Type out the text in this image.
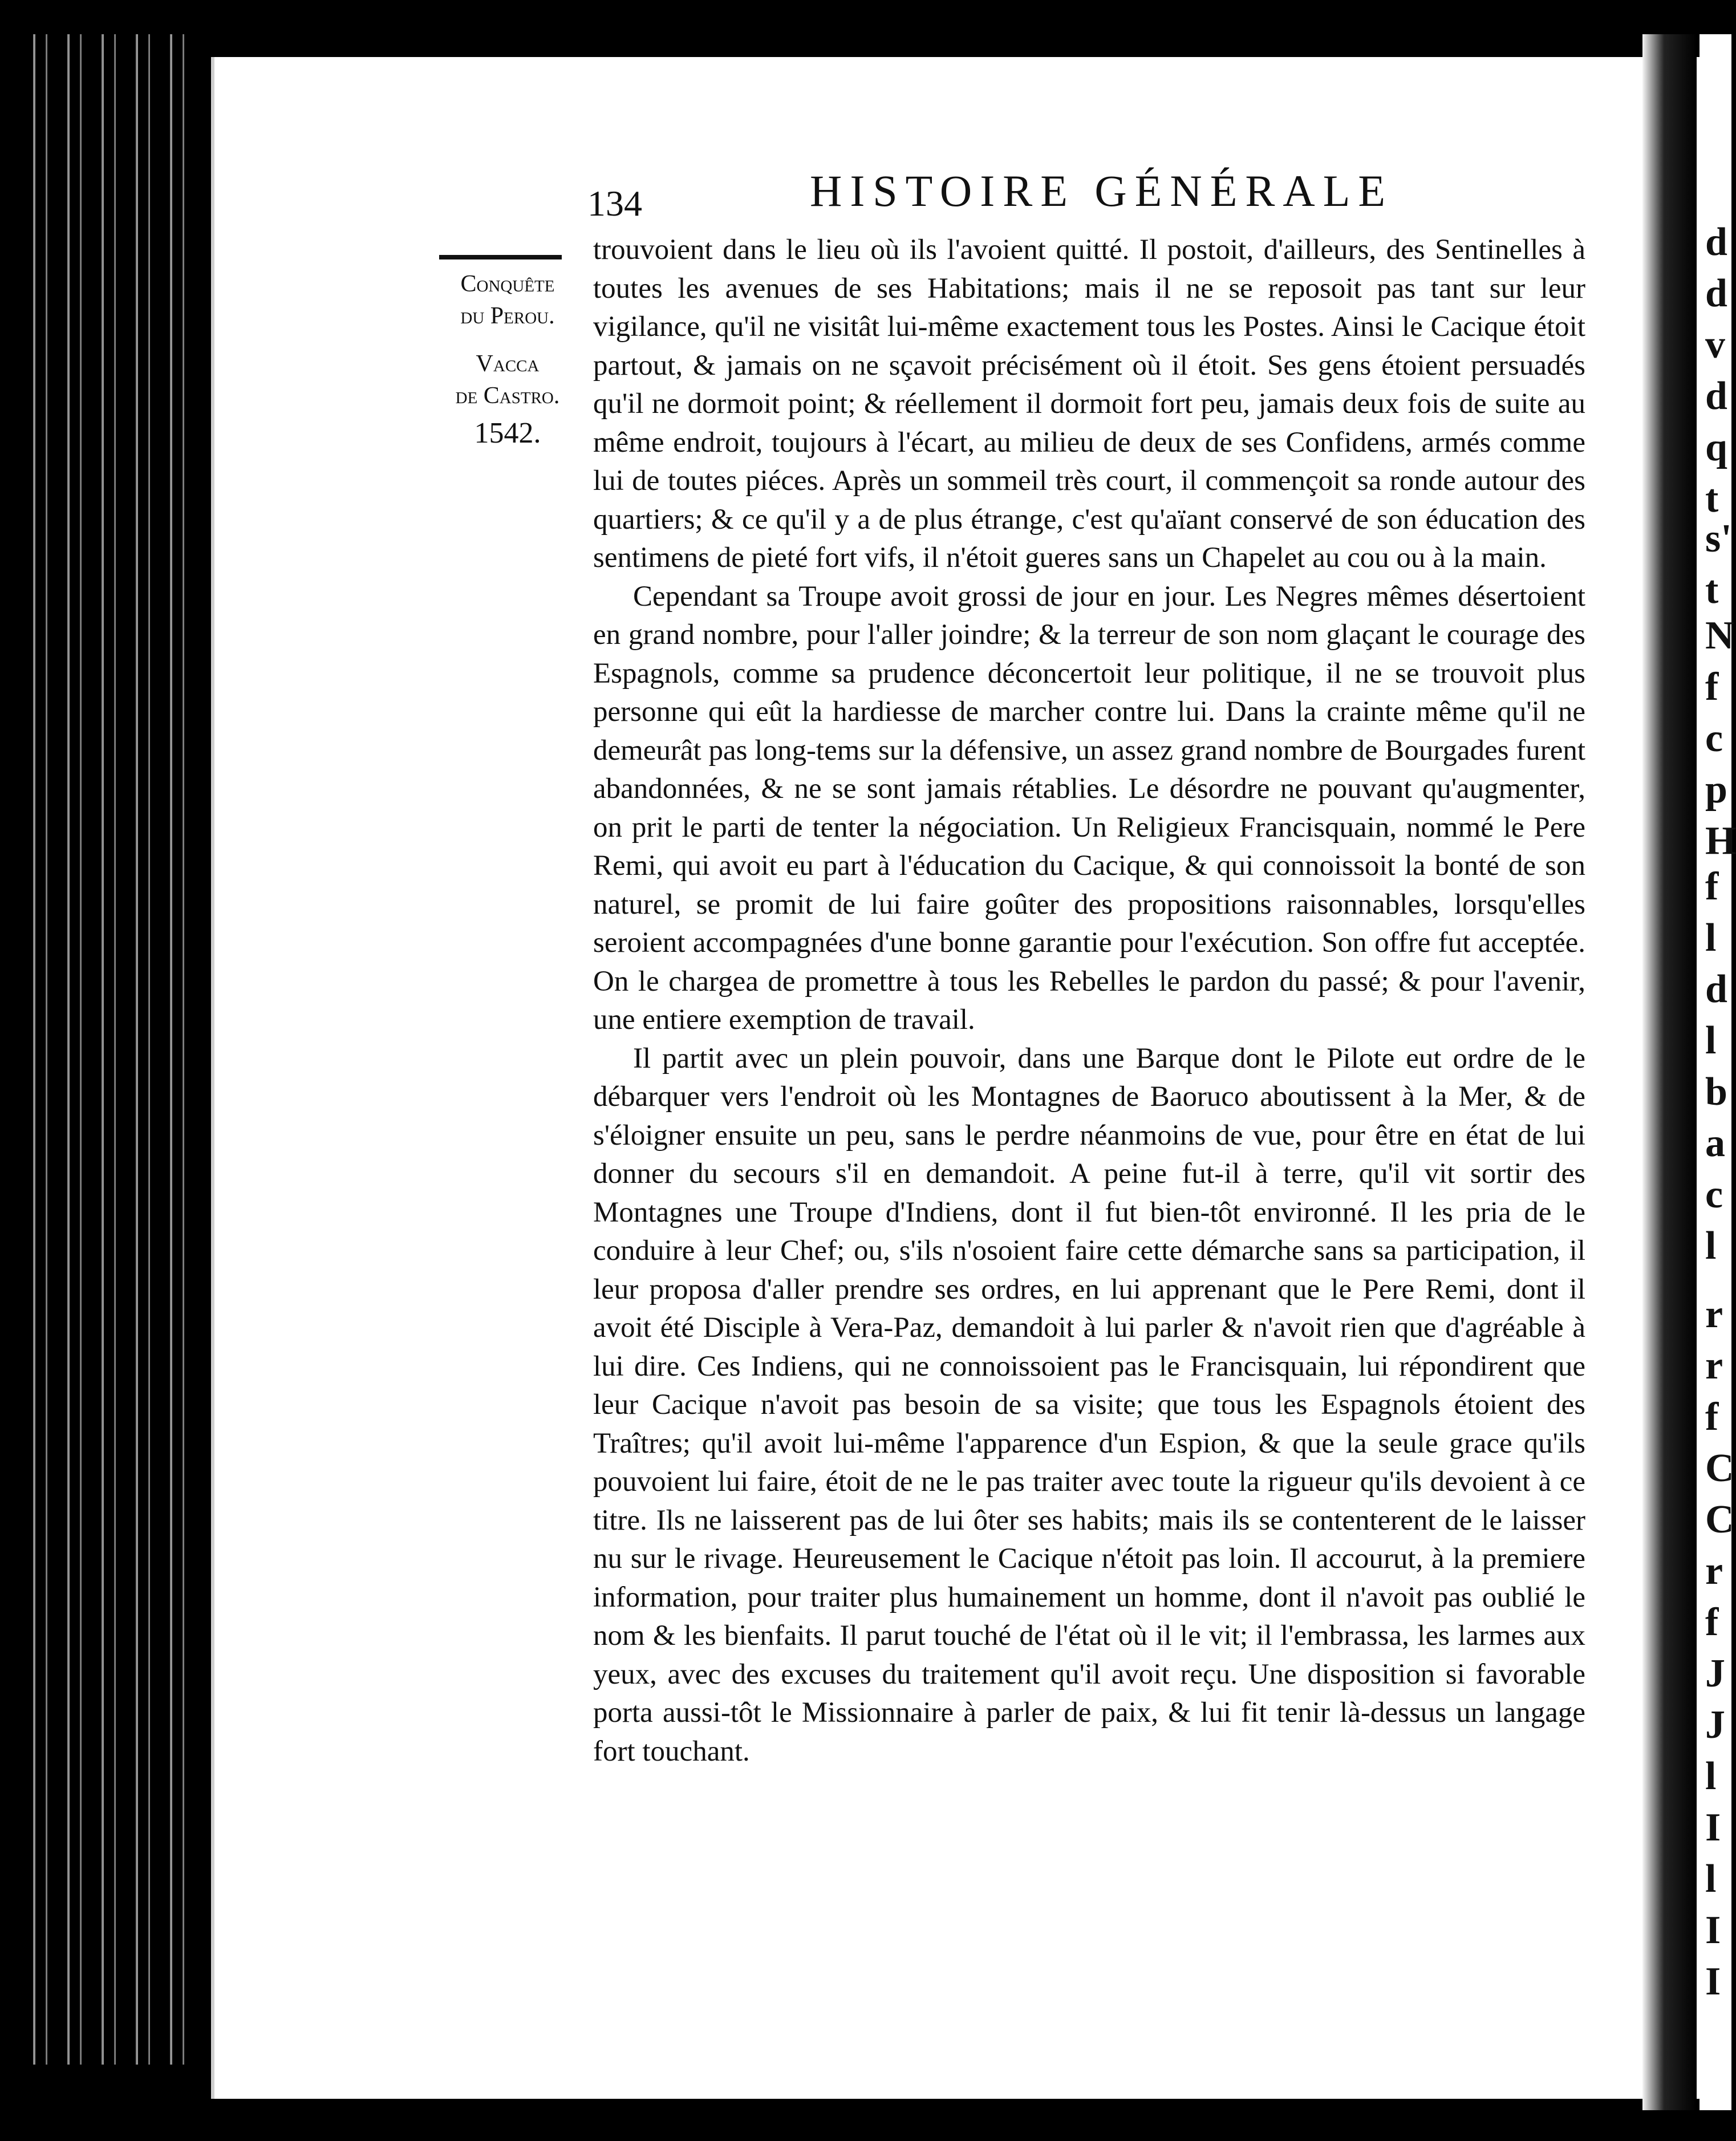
d
d
v
d
q
t
s'
t
N
f
c
p
H
f
l
d
l
b
a
c
l
r
r
f
C
C
r
f
J
J
l
I
l
I
I
134	HISTOIRE GÉNÉRALE
Conquête
du Perou.
Vacca
de Castro.
1542.

trouvoient dans le lieu où ils l'avoient quitté. Il postoit, d'ailleurs, des Sentinelles à toutes les avenues de ses Habitations; mais il ne se reposoit pas tant sur leur vigilance, qu'il ne visitât lui-même exactement tous les Postes. Ainsi le Cacique étoit partout, & jamais on ne sçavoit précisément où il étoit. Ses gens étoient persuadés qu'il ne dormoit point; & réellement il dormoit fort peu, jamais deux fois de suite au même endroit, toujours à l'écart, au milieu de deux de ses Confidens, armés comme lui de toutes piéces. Après un sommeil très court, il commençoit sa ronde autour des quartiers; & ce qu'il y a de plus étrange, c'est qu'aïant conservé de son éducation des sentimens de pieté fort vifs, il n'étoit gueres sans un Chapelet au cou ou à la main.

Cependant sa Troupe avoit grossi de jour en jour. Les Negres mêmes désertoient en grand nombre, pour l'aller joindre; & la terreur de son nom glaçant le courage des Espagnols, comme sa prudence déconcertoit leur politique, il ne se trouvoit plus personne qui eût la hardiesse de marcher contre lui. Dans la crainte même qu'il ne demeurât pas long-tems sur la défensive, un assez grand nombre de Bourgades furent abandonnées, & ne se sont jamais rétablies. Le désordre ne pouvant qu'augmenter, on prit le parti de tenter la négociation. Un Religieux Francisquain, nommé le Pere Remi, qui avoit eu part à l'éducation du Cacique, & qui connoissoit la bonté de son naturel, se promit de lui faire goûter des propositions raisonnables, lorsqu'elles seroient accompagnées d'une bonne garantie pour l'exécution. Son offre fut acceptée. On le chargea de promettre à tous les Rebelles le pardon du passé; & pour l'avenir, une entiere exemption de travail.

Il partit avec un plein pouvoir, dans une Barque dont le Pilote eut ordre de le débarquer vers l'endroit où les Montagnes de Baoruco aboutissent à la Mer, & de s'éloigner ensuite un peu, sans le perdre néanmoins de vue, pour être en état de lui donner du secours s'il en demandoit. A peine fut-il à terre, qu'il vit sortir des Montagnes une Troupe d'Indiens, dont il fut bien-tôt environné. Il les pria de le conduire à leur Chef; ou, s'ils n'osoient faire cette démarche sans sa participation, il leur proposa d'aller prendre ses ordres, en lui apprenant que le Pere Remi, dont il avoit été Disciple à Vera-Paz, demandoit à lui parler & n'avoit rien que d'agréable à lui dire. Ces Indiens, qui ne connoissoient pas le Francisquain, lui répondirent que leur Cacique n'avoit pas besoin de sa visite; que tous les Espagnols étoient des Traîtres; qu'il avoit lui-même l'apparence d'un Espion, & que la seule grace qu'ils pouvoient lui faire, étoit de ne le pas traiter avec toute la rigueur qu'ils devoient à ce titre. Ils ne laisserent pas de lui ôter ses habits; mais ils se contenterent de le laisser nu sur le rivage. Heureusement le Cacique n'étoit pas loin. Il accourut, à la premiere information, pour traiter plus humainement un homme, dont il n'avoit pas oublié le nom & les bienfaits. Il parut touché de l'état où il le vit; il l'embrassa, les larmes aux yeux, avec des excuses du traitement qu'il avoit reçu. Une disposition si favorable porta aussi-tôt le Missionnaire à parler de paix, & lui fit tenir là-dessus un langage fort touchant.
